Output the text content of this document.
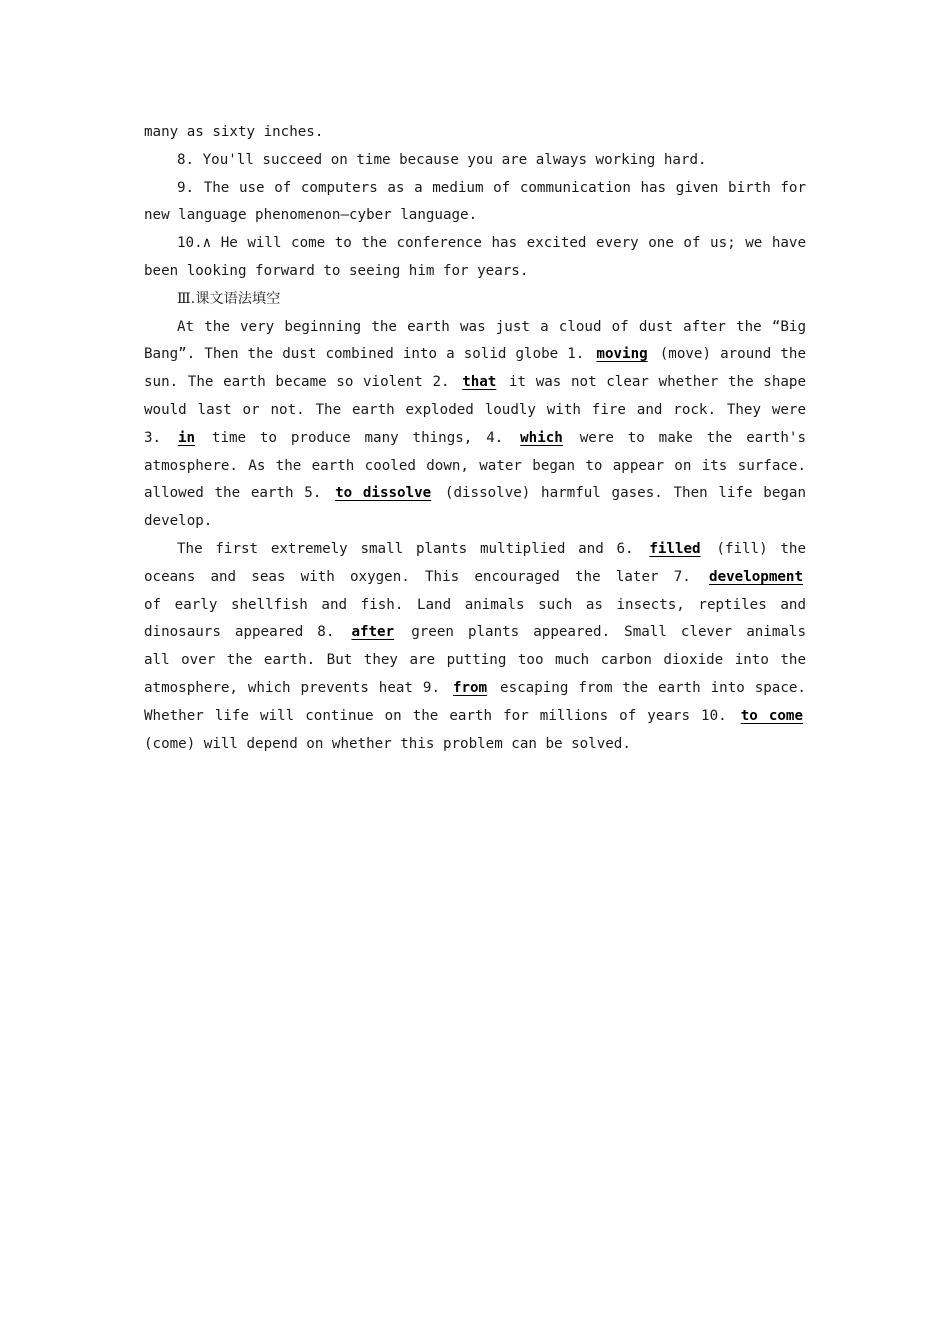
many as sixty inches.
8. You'll succeed on time because you are always working hard.
9. The use of computers as a medium of communication has given birth for
new language phenomenon—cyber language.
10.∧ He will come to the conference has excited every one of us; we have
been looking forward to seeing him for years.
Ⅲ.课文语法填空
At the very beginning the earth was just a cloud of dust after the “Big
Bang”. Then the dust combined into a solid globe 1. moving (move) around the
sun. The earth became so violent 2. that it was not clear whether the shape
would last or not. The earth exploded loudly with fire and rock. They were
3. in time to produce many things, 4. which were to make the earth's
atmosphere. As the earth cooled down, water began to appear on its surface.
allowed the earth 5. to dissolve (dissolve) harmful gases. Then life began
develop.
The first extremely small plants multiplied and 6. filled (fill) the
oceans and seas with oxygen. This encouraged the later 7. development
of early shellfish and fish. Land animals such as insects, reptiles and
dinosaurs appeared 8. after green plants appeared. Small clever animals
all over the earth. But they are putting too much carbon dioxide into the
atmosphere, which prevents heat 9. from escaping from the earth into space.
Whether life will continue on the earth for millions of years 10. to come
(come) will depend on whether this problem can be solved.
